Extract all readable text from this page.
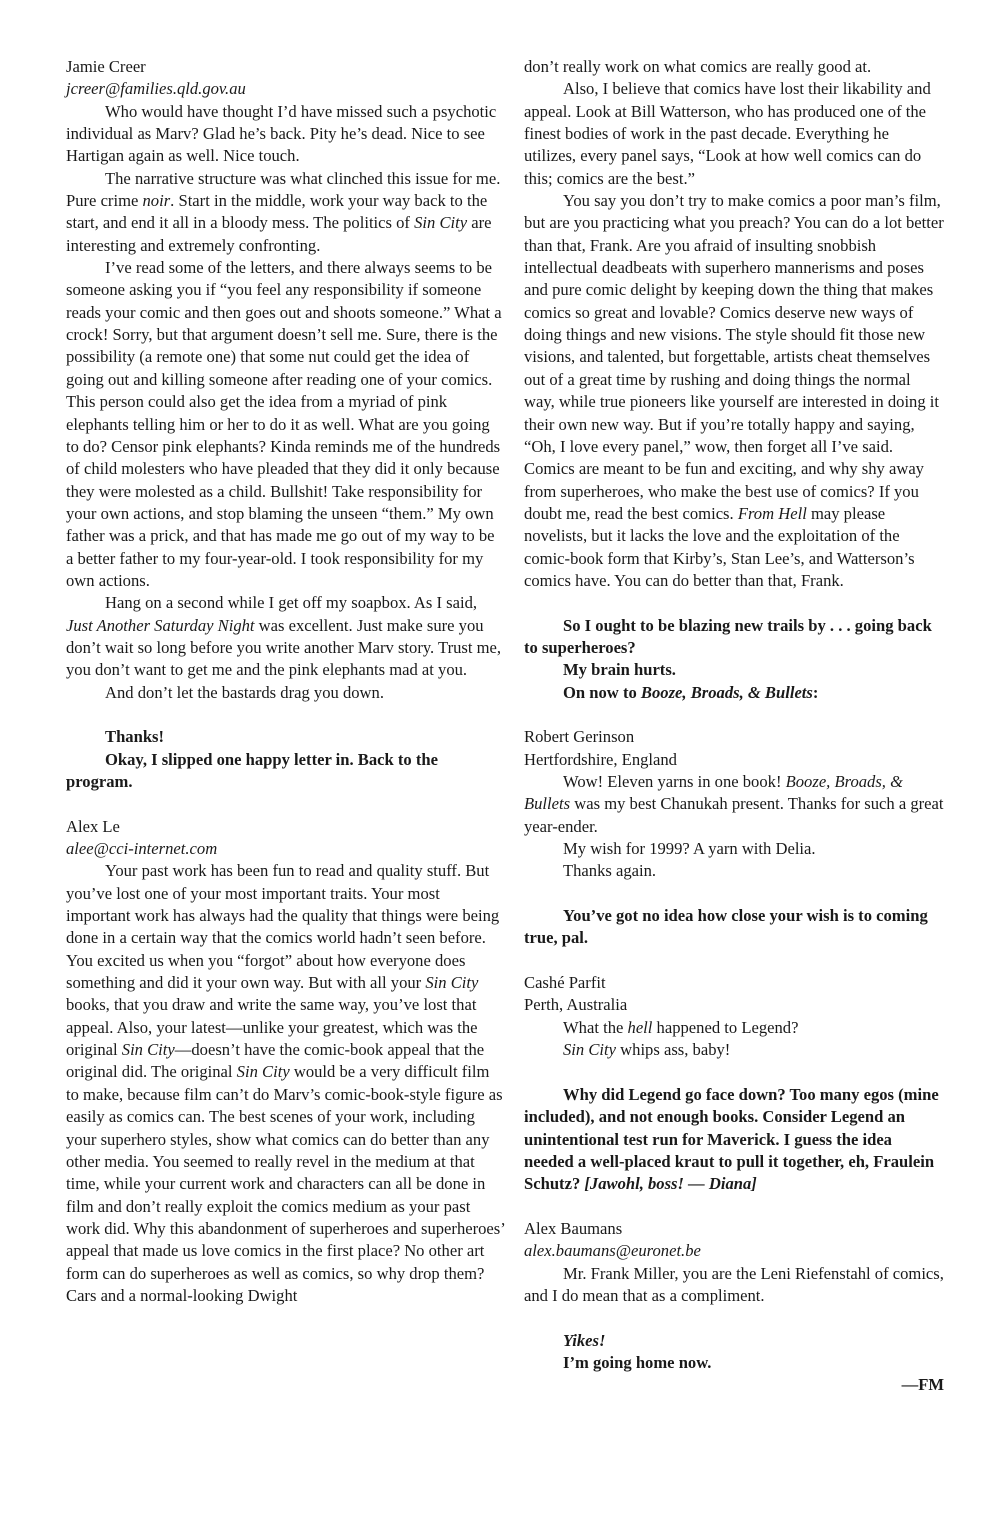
Jamie Creer

jcreer@families.qld.gov.au

Who would have thought I’d have missed such a psychotic individual as Marv? Glad he’s back. Pity he’s dead. Nice to see Hartigan again as well. Nice touch.

The narrative structure was what clinched this issue for me. Pure crime noir. Start in the middle, work your way back to the start, and end it all in a bloody mess. The politics of Sin City are interesting and extremely confronting.

I’ve read some of the letters, and there always seems to be someone asking you if “you feel any responsibility if someone reads your comic and then goes out and shoots someone.” What a crock! Sorry, but that argument doesn’t sell me. Sure, there is the possibility (a remote one) that some nut could get the idea of going out and killing someone after reading one of your comics. This person could also get the idea from a myriad of pink elephants telling him or her to do it as well. What are you going to do? Censor pink elephants? Kinda reminds me of the hundreds of child molesters who have pleaded that they did it only because they were molested as a child. Bullshit! Take responsibility for your own actions, and stop blaming the unseen “them.” My own father was a prick, and that has made me go out of my way to be a better father to my four-year-old. I took responsibility for my own actions.

Hang on a second while I get off my soapbox. As I said, Just Another Saturday Night was excellent. Just make sure you don’t wait so long before you write another Marv story. Trust me, you don’t want to get me and the pink elephants mad at you.

And don’t let the bastards drag you down.

Thanks!

Okay, I slipped one happy letter in. Back to the program.

Alex Le

alee@cci-internet.com

Your past work has been fun to read and quality stuff. But you’ve lost one of your most important traits. Your most important work has always had the quality that things were being done in a certain way that the comics world hadn’t seen before. You excited us when you “forgot” about how everyone does something and did it your own way. But with all your Sin City books, that you draw and write the same way, you’ve lost that appeal. Also, your latest—unlike your greatest, which was the original Sin City—doesn’t have the comic-book appeal that the original did. The original Sin City would be a very difficult film to make, because film can’t do Marv’s comic-book-style figure as easily as comics can. The best scenes of your work, including your superhero styles, show what comics can do better than any other media. You seemed to really revel in the medium at that time, while your current work and characters can all be done in film and don’t really exploit the comics medium as your past work did. Why this abandonment of superheroes and superheroes’ appeal that made us love comics in the first place? No other art form can do superheroes as well as comics, so why drop them? Cars and a normal-looking Dwight

don’t really work on what comics are really good at.

Also, I believe that comics have lost their likability and appeal. Look at Bill Watterson, who has produced one of the finest bodies of work in the past decade. Everything he utilizes, every panel says, “Look at how well comics can do this; comics are the best.”

You say you don’t try to make comics a poor man’s film, but are you practicing what you preach? You can do a lot better than that, Frank. Are you afraid of insulting snobbish intellectual deadbeats with superhero mannerisms and poses and pure comic delight by keeping down the thing that makes comics so great and lovable? Comics deserve new ways of doing things and new visions. The style should fit those new visions, and talented, but forgettable, artists cheat themselves out of a great time by rushing and doing things the normal way, while true pioneers like yourself are interested in doing it their own new way. But if you’re totally happy and saying, “Oh, I love every panel,” wow, then forget all I’ve said. Comics are meant to be fun and exciting, and why shy away from superheroes, who make the best use of comics? If you doubt me, read the best comics. From Hell may please novelists, but it lacks the love and the exploitation of the comic-book form that Kirby’s, Stan Lee’s, and Watterson’s comics have. You can do better than that, Frank.

So I ought to be blazing new trails by . . . going back to superheroes?

My brain hurts.

On now to Booze, Broads, & Bullets:

Robert Gerinson

Hertfordshire, England

Wow! Eleven yarns in one book! Booze, Broads, & Bullets was my best Chanukah present. Thanks for such a great year-ender.

My wish for 1999? A yarn with Delia.

Thanks again.

You’ve got no idea how close your wish is to coming true, pal.

Cashé Parfit

Perth, Australia

What the hell happened to Legend?

Sin City whips ass, baby!

Why did Legend go face down? Too many egos (mine included), and not enough books. Consider Legend an unintentional test run for Maverick. I guess the idea needed a well-placed kraut to pull it together, eh, Fraulein Schutz? [Jawohl, boss! — Diana]

Alex Baumans

alex.baumans@euronet.be

Mr. Frank Miller, you are the Leni Riefenstahl of comics, and I do mean that as a compliment.

Yikes!

I’m going home now.

—FM
